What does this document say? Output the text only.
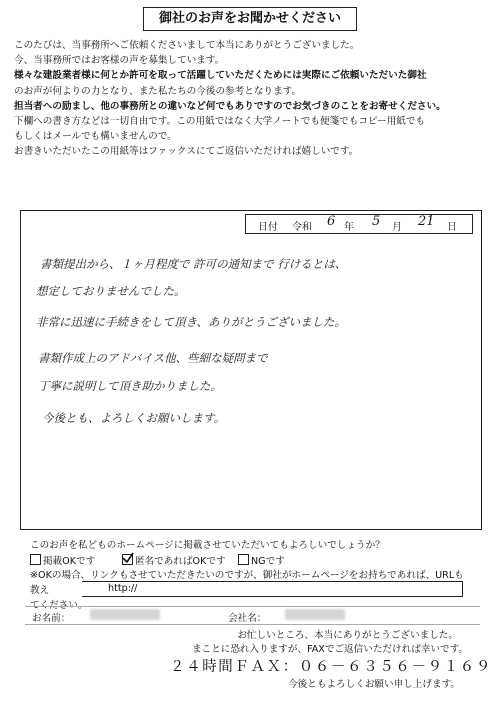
御社のお声をお聞かせください
このたびは、当事務所へご依頼くださいまして本当にありがとうございました。
今、当事務所ではお客様の声を募集しています。
様々な建設業者様に何とか許可を取って活躍していただくためには実際にご依頼いただいた御社
のお声が何よりの力となり、また私たちの今後の参考となります。
担当者への励まし、他の事務所との違いなど何でもありですのでお気づきのことをお寄せください。
下欄への書き方などは一切自由です。この用紙ではなく大学ノートでも便箋でもコピー用紙でも
もしくはメールでも構いませんので。
お書きいただいたこの用紙等はファックスにてご返信いただければ嬉しいです。
日付 令和 6 年 5 月 21 日
書類提出から、１ヶ月程度で 許可の通知まで 行けるとは、
想定しておりませんでした。
非常に迅速に手続きをして頂き、ありがとうございました。
書類作成上のアドバイス他、些細な疑問まで
丁寧に説明して頂き助かりました。
今後とも、よろしくお願いします。
このお声を私どものホームページに掲載させていただいてもよろしいでしょうか？
掲載OKです	匿名であればOKです	NGです
※OKの場合、リンクもさせていただきたいのですが、御社がホームページをお持ちであれば、URLも教え
てください。
http://
お名前：	会社名：
お忙しいところ、本当にありがとうございました。
まことに恐れ入りますが、FAXでご返信いただければ幸いです。
２４時間ＦＡＸ：０６－６３５６－９１６９
今後ともよろしくお願い申し上げます。
